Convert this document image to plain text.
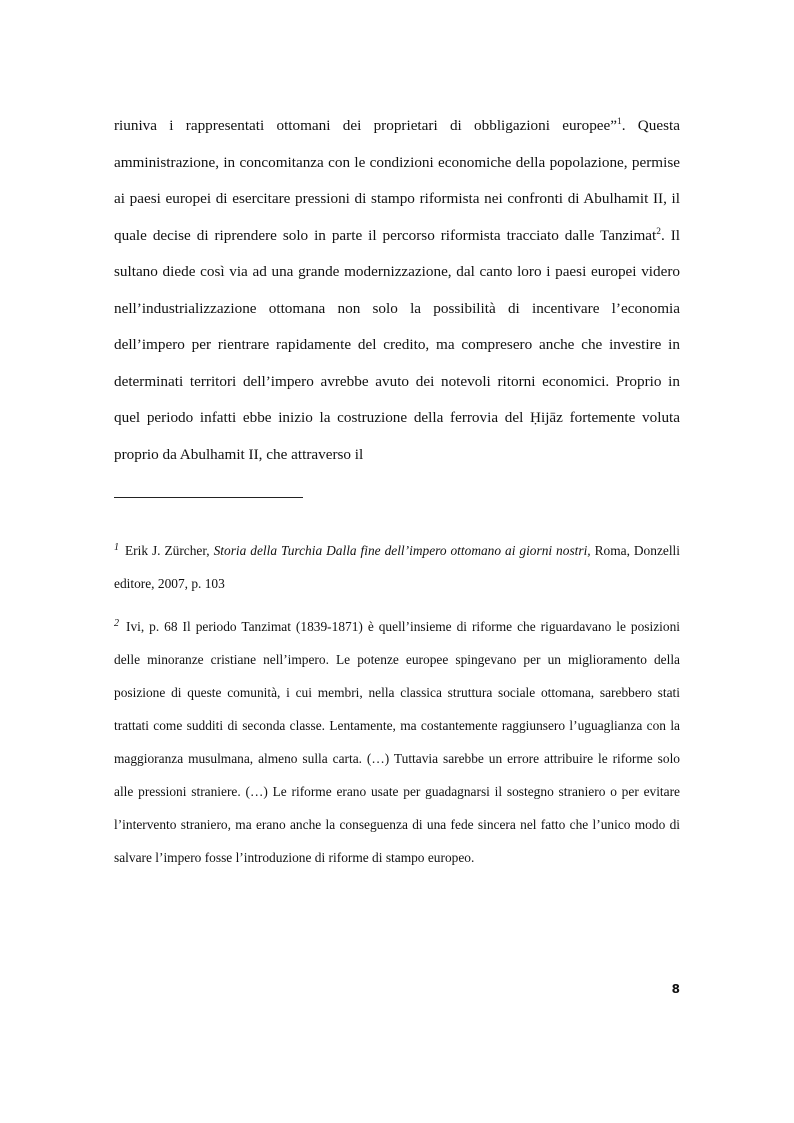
riuniva i rappresentati ottomani dei proprietari di obbligazioni europee”$^1$. Questa amministrazione, in concomitanza con le condizioni economiche della popolazione, permise ai paesi europei di esercitare pressioni di stampo riformista nei confronti di Abulhamit II, il quale decise di riprendere solo in parte il percorso riformista tracciato dalle Tanzimat$^2$. Il sultano diede così via ad una grande modernizzazione, dal canto loro i paesi europei videro nell’industrializzazione ottomana non solo la possibilità di incentivare l’economia dell’impero per rientrare rapidamente del credito, ma compresero anche che investire in determinati territori dell’impero avrebbe avuto dei notevoli ritorni economici. Proprio in quel periodo infatti ebbe inizio la costruzione della ferrovia del Ḥijāz fortemente voluta proprio da Abulhamit II, che attraverso il

$^1$ Erik J. Zürcher, Storia della Turchia Dalla fine dell’impero ottomano ai giorni nostri, Roma, Donzelli editore, 2007, p. 103

$^2$ Ivi, p. 68 Il periodo Tanzimat (1839-1871) è quell’insieme di riforme che riguardavano le posizioni delle minoranze cristiane nell’impero. Le potenze europee spingevano per un miglioramento della posizione di queste comunità, i cui membri, nella classica struttura sociale ottomana, sarebbero stati trattati come sudditi di seconda classe. Lentamente, ma costantemente raggiunsero l’uguaglianza con la maggioranza musulmana, almeno sulla carta. (…) Tuttavia sarebbe un errore attribuire le riforme solo alle pressioni straniere. (…) Le riforme erano usate per guadagnarsi il sostegno straniero o per evitare l’intervento straniero, ma erano anche la conseguenza di una fede sincera nel fatto che l’unico modo di salvare l’impero fosse l’introduzione di riforme di stampo europeo.

8
